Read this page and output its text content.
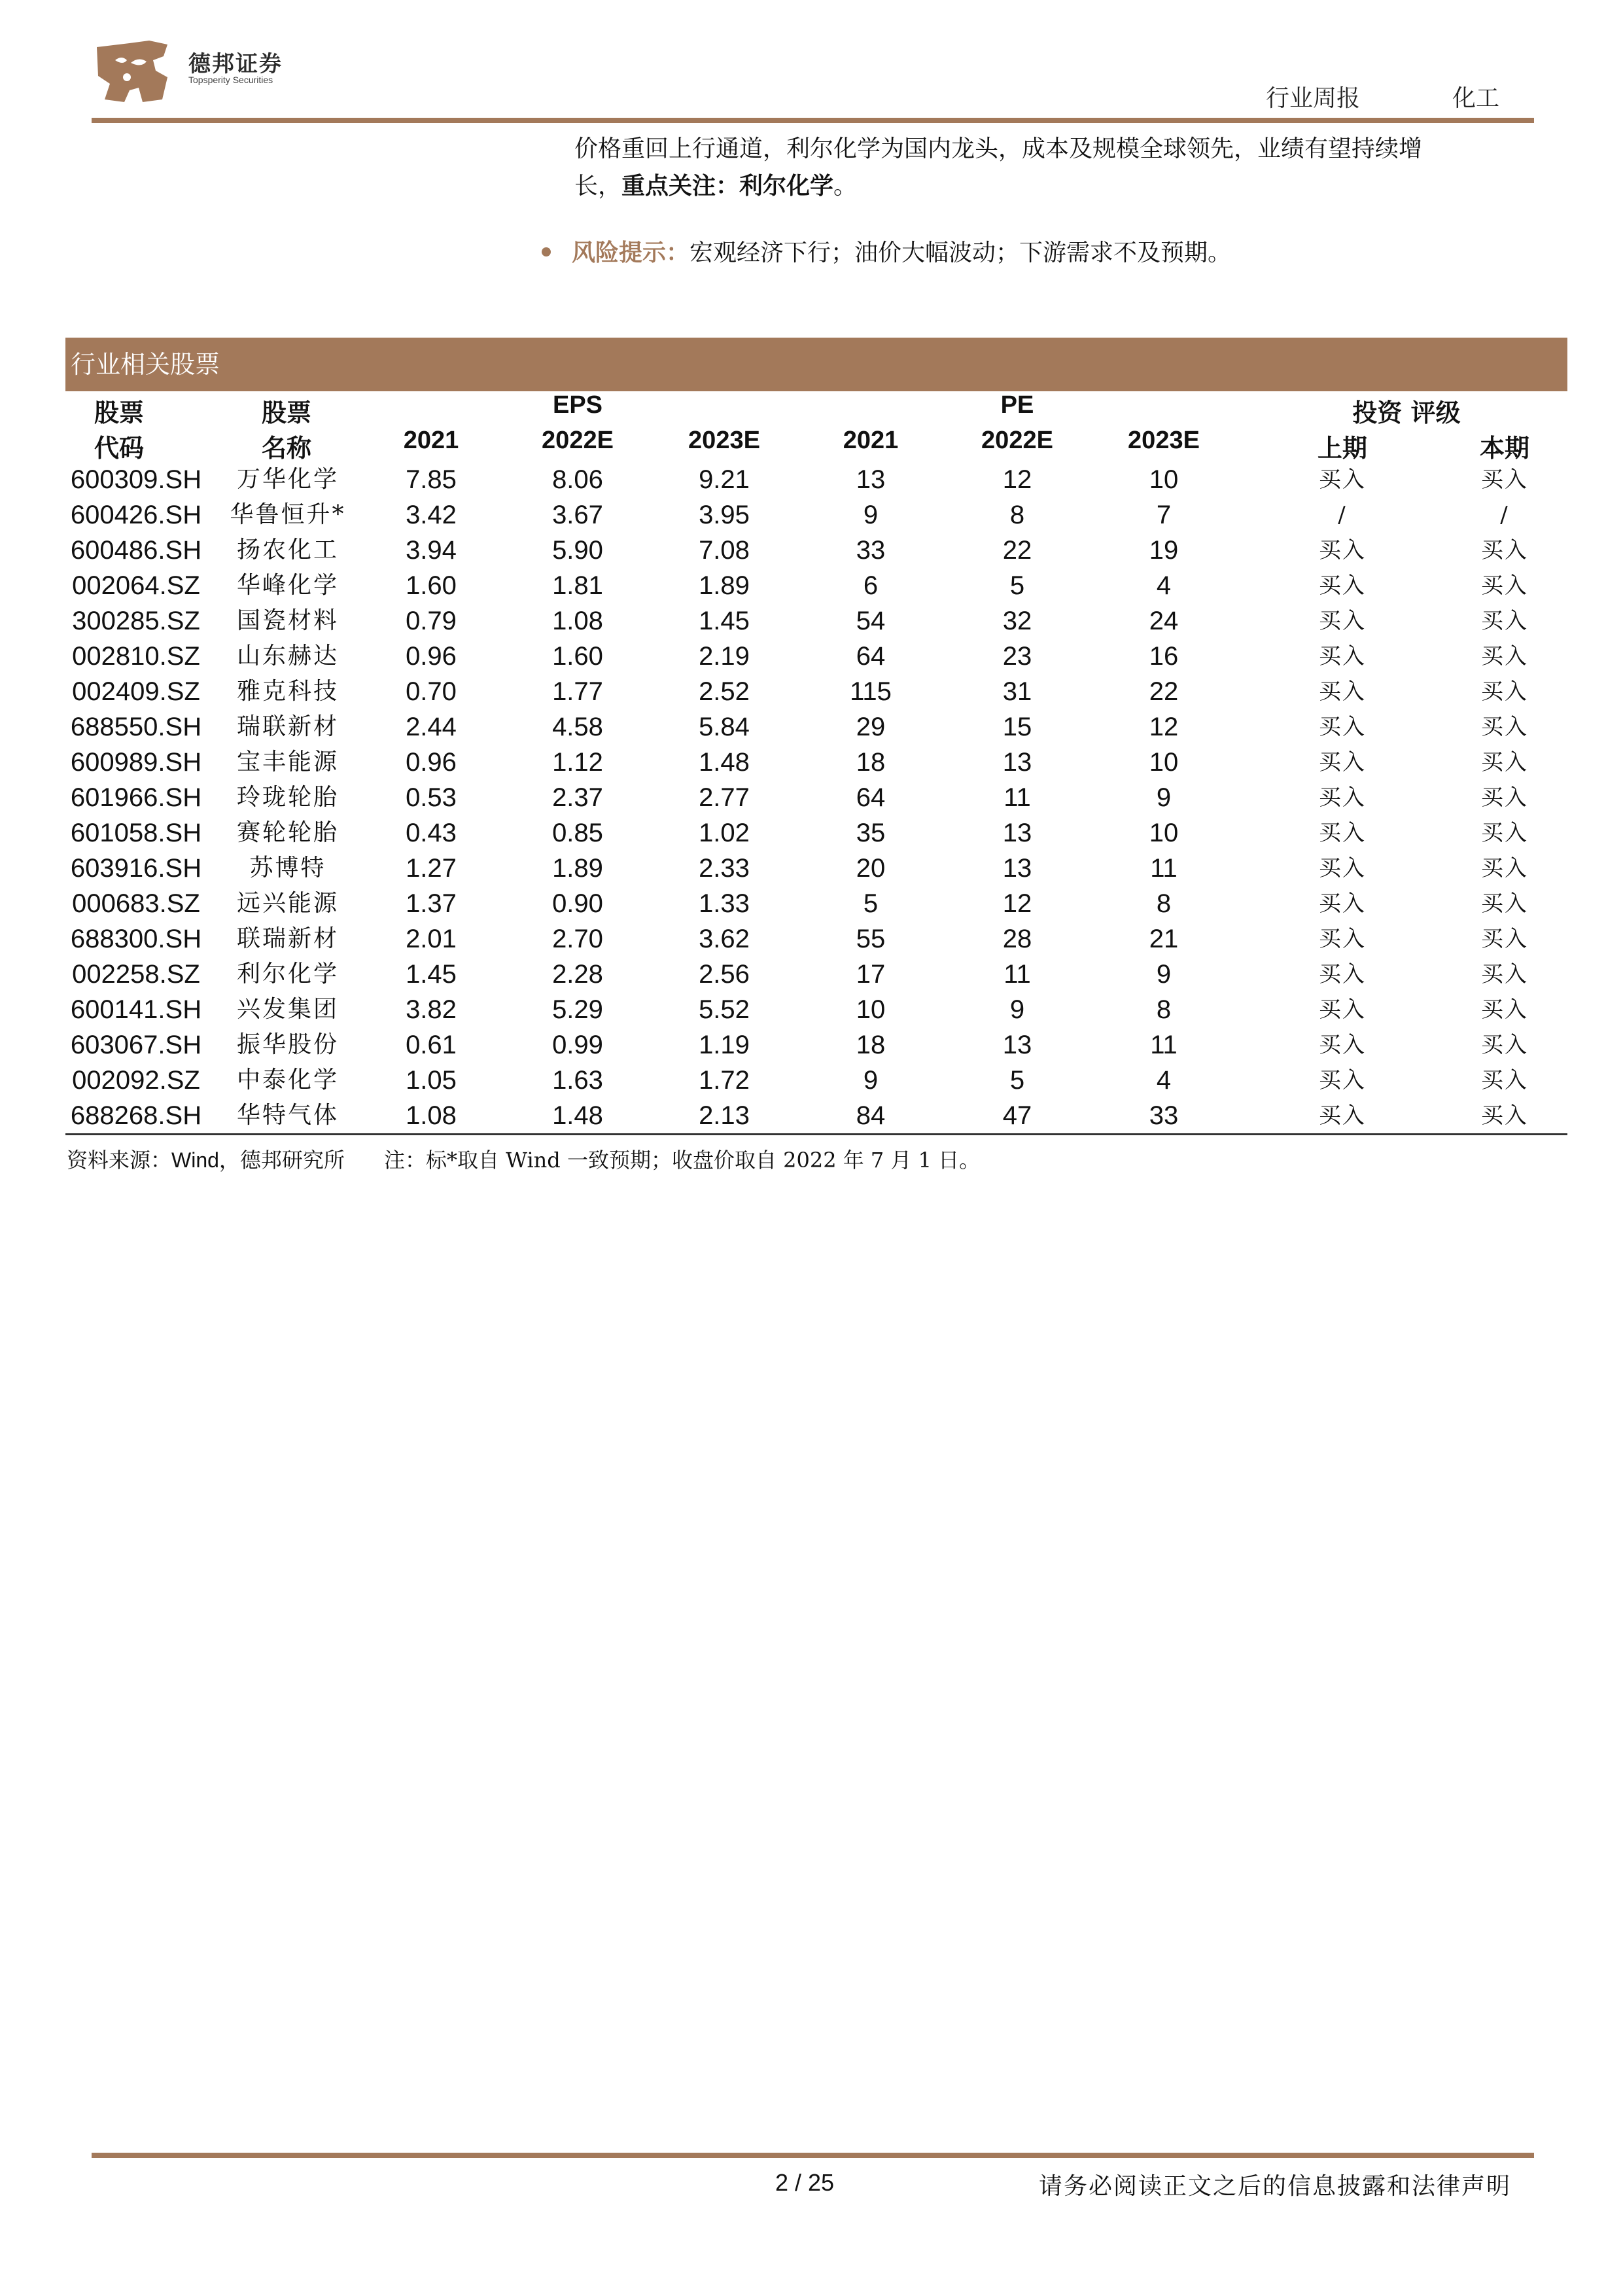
德邦证券
Topsperity Securities
行业周报	化工
价格重回上行通道，利尔化学为国内龙头，成本及规模全球领先，业绩有望持续增
长，重点关注：利尔化学。
风险提示：宏观经济下行；油价大幅波动；下游需求不及预期。
行业相关股票
股票
代码
股票
名称
EPS
2021	2022E	2023E
PE
2021	2022E	2023E
投资 评级
上期	本期
600309.SH	万华化学	7.85	8.06	9.21	13	12	10	买入	买入
600426.SH	华鲁恒升*	3.42	3.67	3.95	9	8	7	/	/
600486.SH	扬农化工	3.94	5.90	7.08	33	22	19	买入	买入
002064.SZ	华峰化学	1.60	1.81	1.89	6	5	4	买入	买入
300285.SZ	国瓷材料	0.79	1.08	1.45	54	32	24	买入	买入
002810.SZ	山东赫达	0.96	1.60	2.19	64	23	16	买入	买入
002409.SZ	雅克科技	0.70	1.77	2.52	115	31	22	买入	买入
688550.SH	瑞联新材	2.44	4.58	5.84	29	15	12	买入	买入
600989.SH	宝丰能源	0.96	1.12	1.48	18	13	10	买入	买入
601966.SH	玲珑轮胎	0.53	2.37	2.77	64	11	9	买入	买入
601058.SH	赛轮轮胎	0.43	0.85	1.02	35	13	10	买入	买入
603916.SH	苏博特	1.27	1.89	2.33	20	13	11	买入	买入
000683.SZ	远兴能源	1.37	0.90	1.33	5	12	8	买入	买入
688300.SH	联瑞新材	2.01	2.70	3.62	55	28	21	买入	买入
002258.SZ	利尔化学	1.45	2.28	2.56	17	11	9	买入	买入
600141.SH	兴发集团	3.82	5.29	5.52	10	9	8	买入	买入
603067.SH	振华股份	0.61	0.99	1.19	18	13	11	买入	买入
002092.SZ	中泰化学	1.05	1.63	1.72	9	5	4	买入	买入
688268.SH	华特气体	1.08	1.48	2.13	84	47	33	买入	买入
资料来源：Wind，德邦研究所 注：标*取自 Wind 一致预期；收盘价取自 2022 年 7 月 1 日。
2 / 25	请务必阅读正文之后的信息披露和法律声明
